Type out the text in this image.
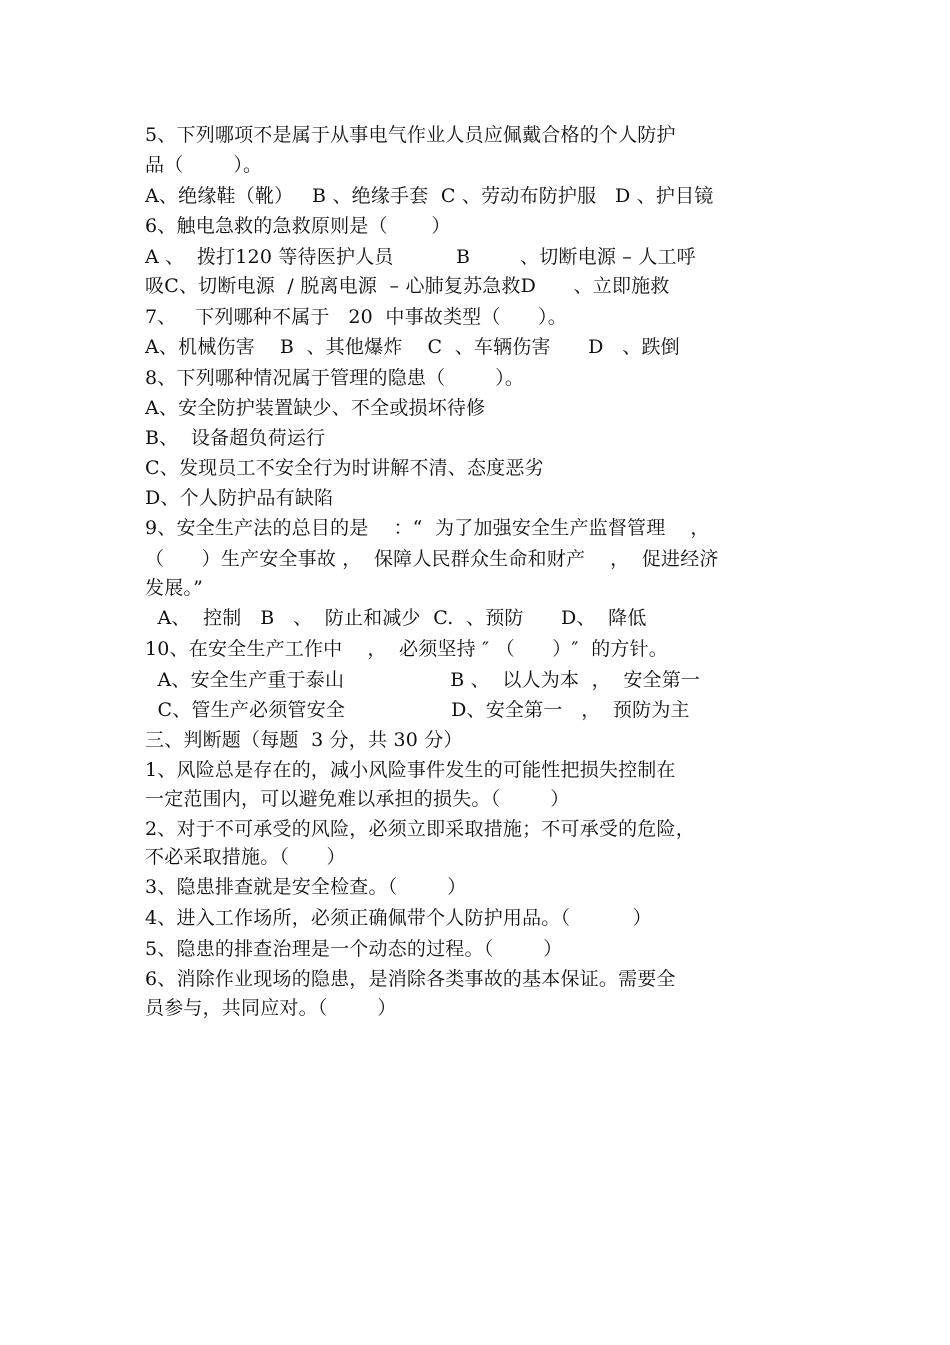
5、下列哪项不是属于从事电气作业人员应佩戴合格的个人防护
品（        ）。
A、绝缘鞋（靴）   B 、绝缘手套  C 、劳动布防护服   D 、护目镜
6、触电急救的急救原则是（       ）
A 、  拨打120 等待医护人员          B        、切断电源 – 人工呼
吸C、切断电源  / 脱离电源  – 心肺复苏急救D      、立即施救
7、   下列哪种不属于   20  中事故类型（      ）。
A、机械伤害    B  、其他爆炸    C  、车辆伤害      D   、跌倒
8、下列哪种情况属于管理的隐患（        ）。
A、安全防护装置缺少、不全或损坏待修
B、  设备超负荷运行
C、发现员工不安全行为时讲解不清、态度恶劣
D、个人防护品有缺陷
9、安全生产法的总目的是    ：“  为了加强安全生产监督管理    ，
（      ）生产安全事故 ，  保障人民群众生命和财产    ，  促进经济
发展。”
A、  控制   B   、  防止和减少  C.  、预防      D、  降低
10、在安全生产工作中    ，  必须坚持 ″ （      ）″  的方针。
A、安全生产重于泰山                 B 、  以人为本  ，  安全第一
C、管生产必须管安全                 D、安全第一   ，  预防为主
三、判断题（每题  3 分，共 30 分）
1、风险总是存在的，减小风险事件发生的可能性把损失控制在
一定范围内，可以避免难以承担的损失。（        ）
2、对于不可承受的风险，必须立即采取措施；不可承受的危险，
不必采取措施。（      ）
3、隐患排查就是安全检查。（        ）
4、进入工作场所，必须正确佩带个人防护用品。（          ）
5、隐患的排查治理是一个动态的过程。（        ）
6、消除作业现场的隐患，是消除各类事故的基本保证。需要全
员参与，共同应对。（        ）
